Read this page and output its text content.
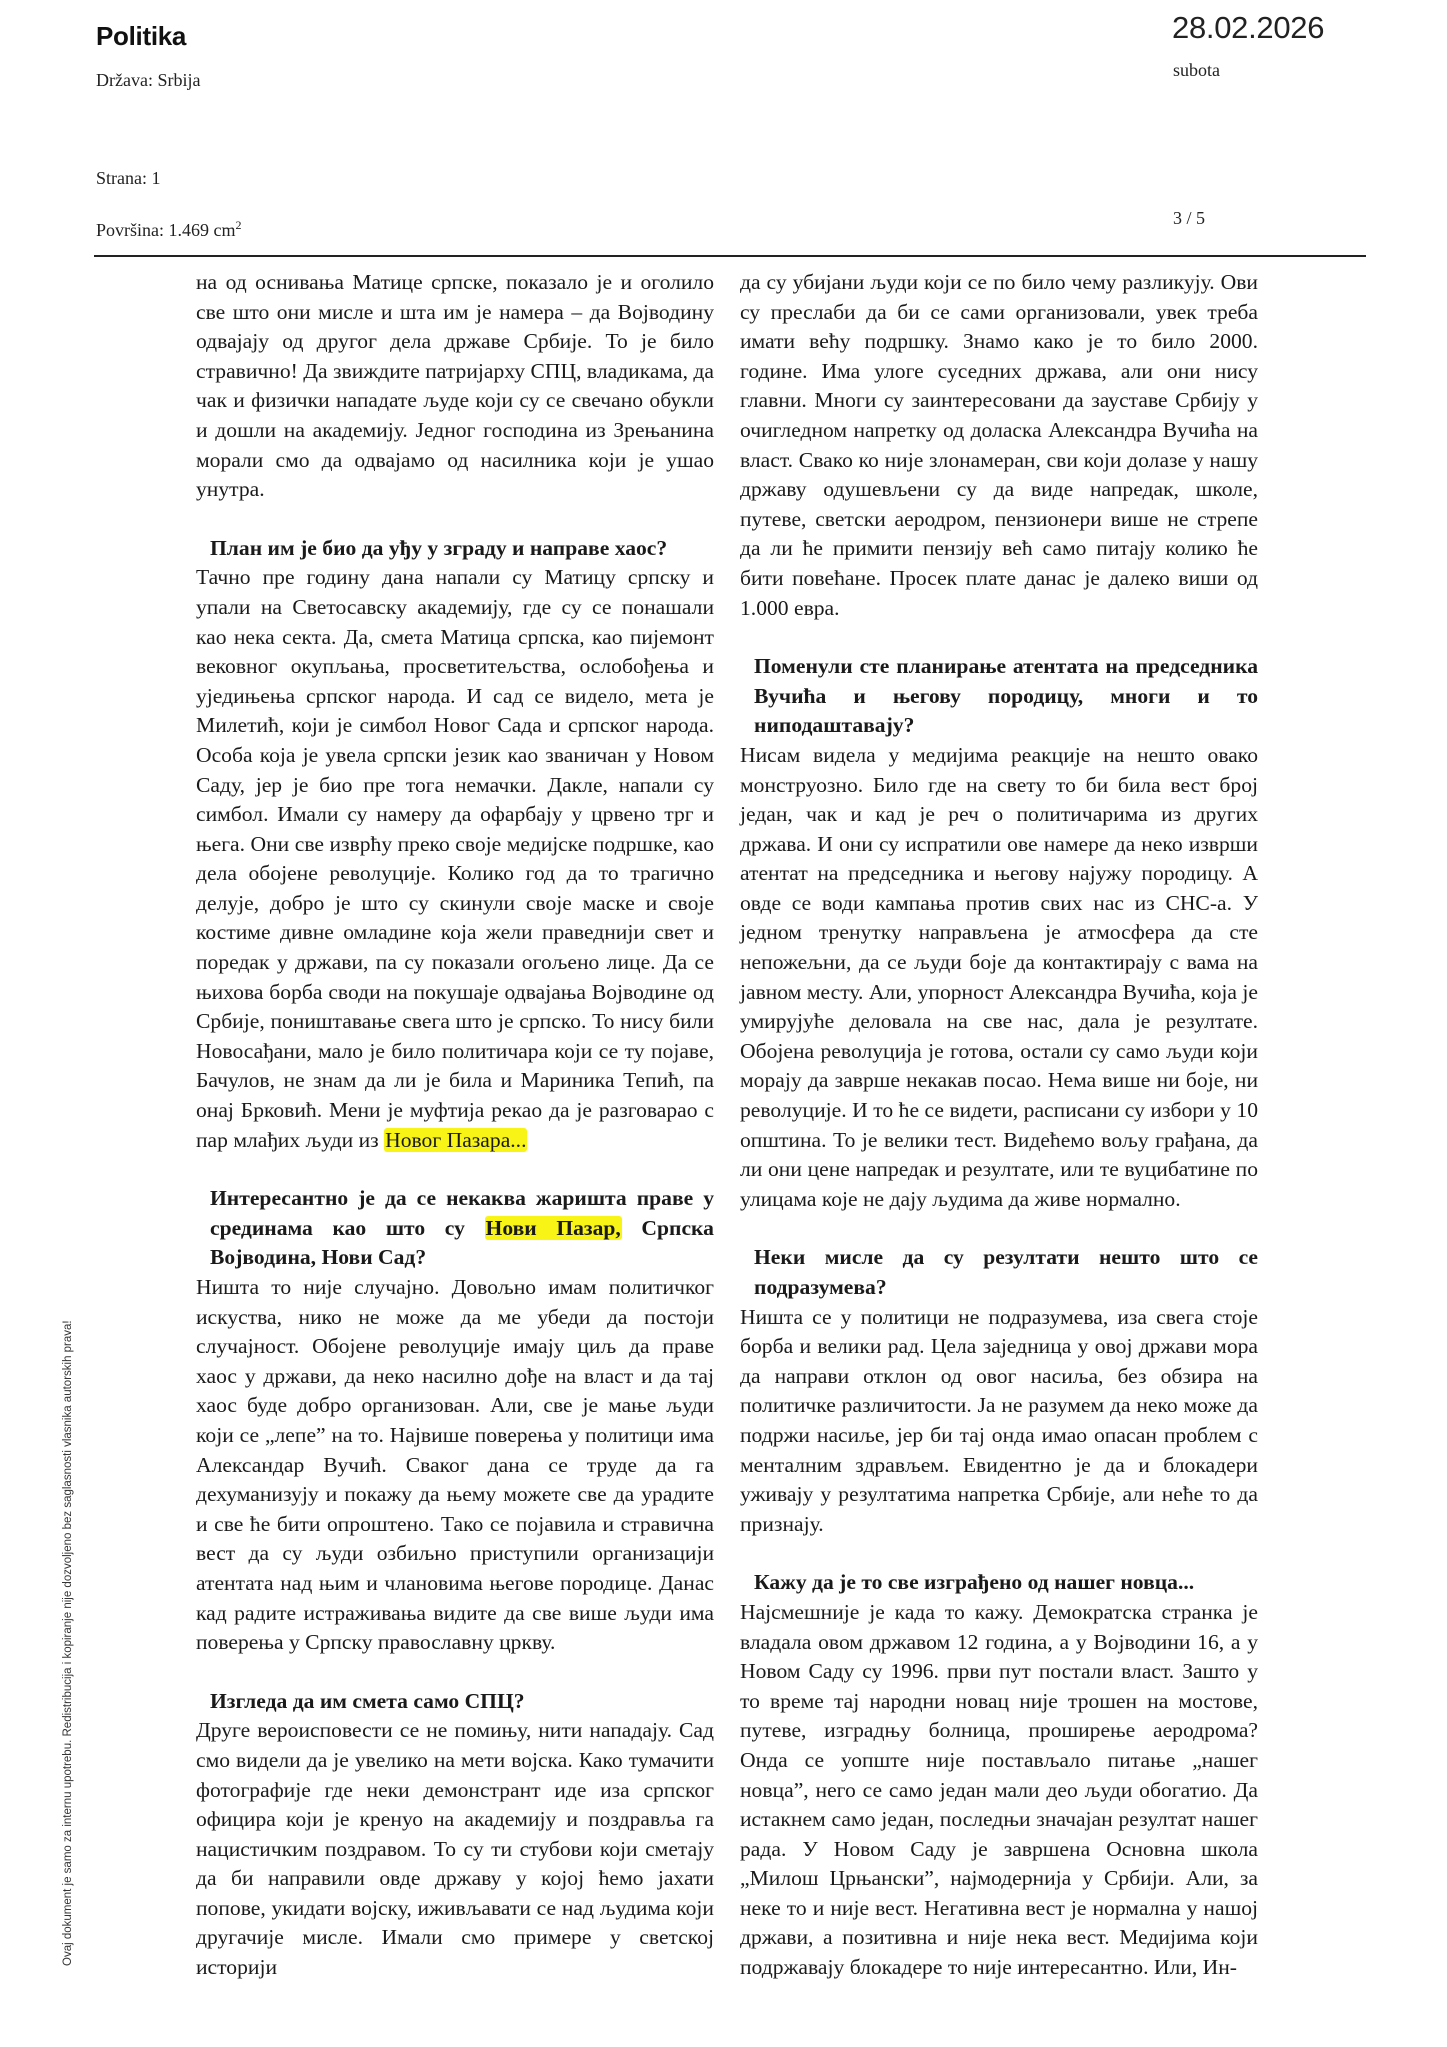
Politika
Država: Srbija
Strana: 1
Površina: 1.469 $cm^2$
28.02.2026
subota
3 / 5

на од оснивања Матице српске, показало је и оголило све што они мисле и шта им је намера – да Војводину одвајају од другог дела државе Србије. То је било стравично! Да звиждите патријарху СПЦ, владикама, да чак и физички нападате људе који су се свечано обукли и дошли на академију. Једног господина из Зрењанина морали смо да одвајамо од насилника који је ушао унутра.

План им је био да уђу у зграду и направе хаос?

Тачно пре годину дана напали су Матицу српску и упали на Светосавску академију, где су се понашали као нека секта. Да, смета Матица српска, као пијемонт вековног окупљања, просветитељства, ослобођења и уједињења српског народа. И сад се видело, мета је Милетић, који је симбол Новог Сада и српског народа. Особа која је увела српски језик као званичан у Новом Саду, јер је био пре тога немачки. Дакле, напали су симбол. Имали су намеру да офарбају у црвено трг и њега. Они све изврћу преко своје медијске подршке, као дела обојене револуције. Колико год да то трагично делује, добро је што су скинули своје маске и своје костиме дивне омладине која жели праведнији свет и поредак у држави, па су показали огољено лице. Да се њихова борба своди на покушаје одвајања Војводине од Србије, поништавање свега што је српско. То нису били Новосађани, мало је било политичара који се ту појаве, Бачулов, не знам да ли је била и Мариника Тепић, па онај Брковић. Мени је муфтија рекао да је разговарао с пар млађих људи из Новог Пазара...

Интересантно је да се некаква жаришта праве у срединама као што су Нови Пазар, Српска Војводина, Нови Сад?

Ништа то није случајно. Довољно имам политичког искуства, нико не може да ме убеди да постоји случајност. Обојене револуције имају циљ да праве хаос у држави, да неко насилно дође на власт и да тај хаос буде добро организован. Али, све је мање људи који се „лепе” на то. Највише поверења у политици има Александар Вучић. Сваког дана се труде да га дехуманизују и покажу да њему можете све да урадите и све ће бити опроштено. Тако се појавила и стравична вест да су људи озбиљно приступили организацији атентата над њим и члановима његове породице. Данас кад радите истраживања видите да све више људи има поверења у Српску православну цркву.

Изгледа да им смета само СПЦ?

Друге вероисповести се не помињу, нити нападају. Сад смо видели да је увелико на мети војска. Како тумачити фотографије где неки демонстрант иде иза српског официра који је кренуо на академију и поздравља га нацистичким поздравом. То су ти стубови који сметају да би направили овде државу у којој ћемо јахати попове, укидати војску, иживљавати се над људима који другачије мисле. Имали смо примере у светској историји

да су убијани људи који се по било чему разликују. Ови су преслаби да би се сами организовали, увек треба имати већу подршку. Знамо како је то било 2000. године. Има улоге суседних држава, али они нису главни. Многи су заинтересовани да зауставе Србију у очигледном напретку од доласка Александра Вучића на власт. Свако ко није злонамеран, сви који долазе у нашу државу одушевљени су да виде напредак, школе, путеве, светски аеродром, пензионери више не стрепе да ли ће примити пензију већ само питају колико ће бити повећане. Просек плате данас је далеко виши од 1.000 евра.

Поменули сте планирање атентата на председника Вучића и његову породицу, многи и то ниподаштавају?

Нисам видела у медијима реакције на нешто овако монструозно. Било где на свету то би била вест број један, чак и кад је реч о политичарима из других држава. И они су испратили ове намере да неко изврши атентат на председника и његову најужу породицу. А овде се води кампања против свих нас из СНС-а. У једном тренутку направљена је атмосфера да сте непожељни, да се људи боје да контактирају с вама на јавном месту. Али, упорност Александра Вучића, која је умирујуће деловала на све нас, дала је резултате. Обојена револуција је готова, остали су само људи који морају да заврше некакав посао. Нема више ни боје, ни револуције. И то ће се видети, расписани су избори у 10 општина. То је велики тест. Видећемо вољу грађана, да ли они цене напредак и резултате, или те вуцибатине по улицама које не дају људима да живе нормално.

Неки мисле да су резултати нешто што се подразумева?

Ништа се у политици не подразумева, иза свега стоје борба и велики рад. Цела заједница у овој држави мора да направи отклон од овог насиља, без обзира на политичке различитости. Ја не разумем да неко може да подржи насиље, јер би тај онда имао опасан проблем с менталним здрављем. Евидентно је да и блокадери уживају у резултатима напретка Србије, али неће то да признају.

Кажу да је то све изграђено од нашег новца...

Најсмешније је када то кажу. Демократска странка је владала овом државом 12 година, а у Војводини 16, а у Новом Саду су 1996. први пут постали власт. Зашто у то време тај народни новац није трошен на мостове, путеве, изградњу болница, проширење аеродрома? Онда се уопште није постављало питање „нашег новца”, него се само један мали део људи обогатио. Да истакнем само један, последњи значајан резултат нашег рада. У Новом Саду је завршена Основна школа „Милош Црњански”, најмодернија у Србији. Али, за неке то и није вест. Негативна вест је нормална у нашој држави, а позитивна и није нека вест. Медијима који подржавају блокадере то није интересантно. Или, Ин-

Ovaj dokument je samo za internu upotrebu. Redistribucija i kopiranje nije dozvoljeno bez saglasnosti vlasnika autorskih prava!
